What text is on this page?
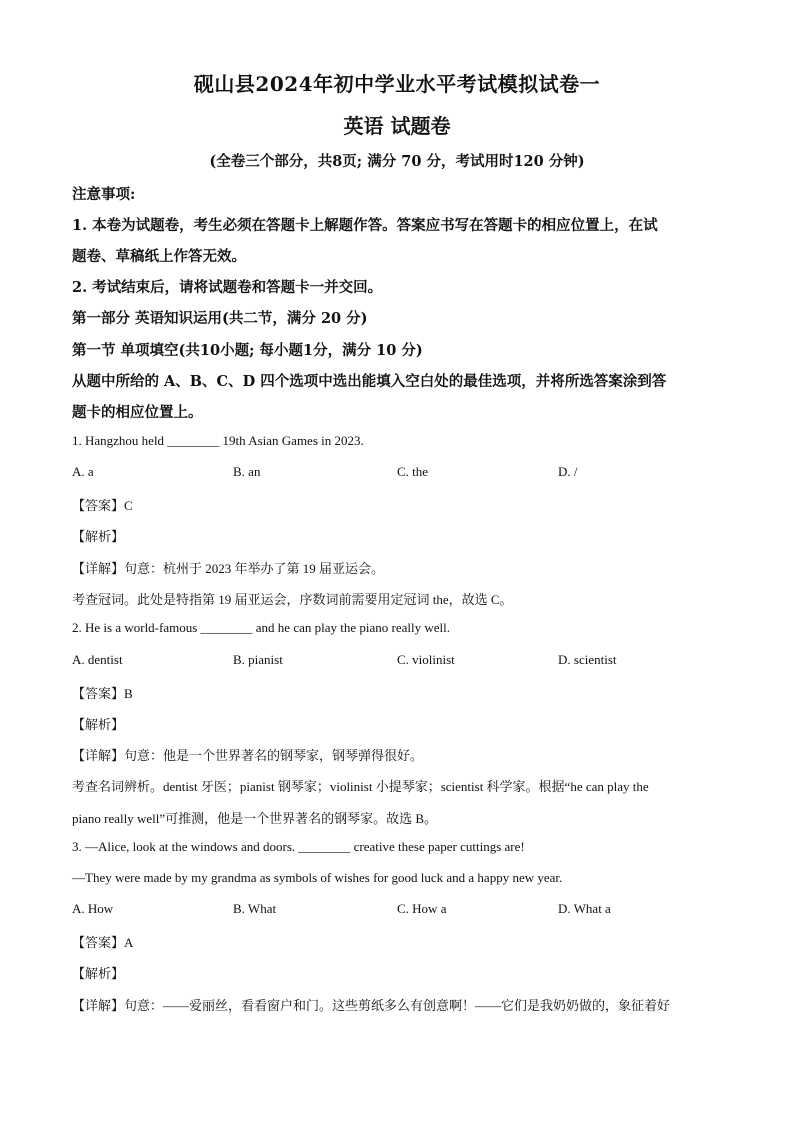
砚山县2024年初中学业水平考试模拟试卷一
英语 试题卷
(全卷三个部分，共8页; 满分 70 分，考试用时120 分钟)
注意事项:
1. 本卷为试题卷，考生必须在答题卡上解题作答。答案应书写在答题卡的相应位置上，在试
题卷、草稿纸上作答无效。
2. 考试结束后，请将试题卷和答题卡一并交回。
第一部分 英语知识运用(共二节，满分 20 分)
第一节 单项填空(共10小题; 每小题1分，满分 10 分)
从题中所给的 A、B、C、D 四个选项中选出能填入空白处的最佳选项，并将所选答案涂到答
题卡的相应位置上。
1. Hangzhou held ________ 19th Asian Games in 2023.
A. a	B. an	C. the	D. /
【答案】C
【解析】
【详解】句意：杭州于 2023 年举办了第 19 届亚运会。
考查冠词。此处是特指第 19 届亚运会，序数词前需要用定冠词 the，故选 C。
2. He is a world-famous ________ and he can play the piano really well.
A. dentist	B. pianist	C. violinist	D. scientist
【答案】B
【解析】
【详解】句意：他是一个世界著名的钢琴家，钢琴弹得很好。
考查名词辨析。dentist 牙医；pianist 钢琴家；violinist 小提琴家；scientist 科学家。根据“he can play the
piano really well”可推测，他是一个世界著名的钢琴家。故选 B。
3. —Alice, look at the windows and doors. ________ creative these paper cuttings are!
—They were made by my grandma as symbols of wishes for good luck and a happy new year.
A. How	B. What	C. How a	D. What a
【答案】A
【解析】
【详解】句意：——爱丽丝，看看窗户和门。这些剪纸多么有创意啊！——它们是我奶奶做的，象征着好
